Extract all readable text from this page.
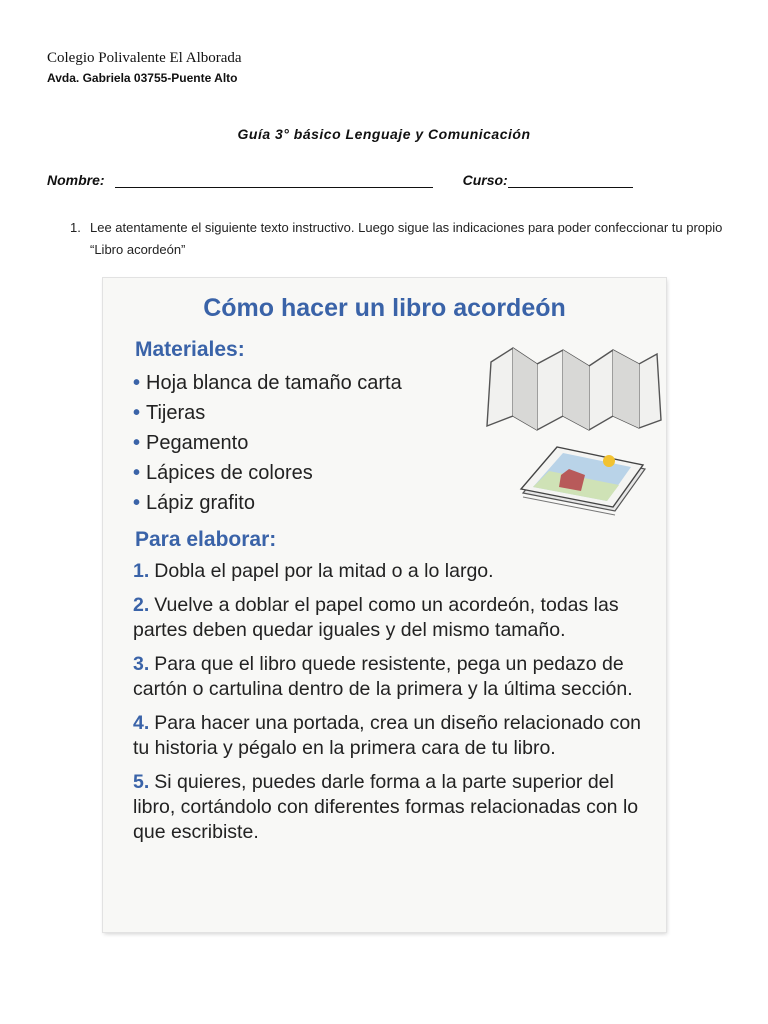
Colegio Polivalente El Alborada
Avda. Gabriela 03755-Puente Alto
Guía 3° básico Lenguaje y Comunicación
Nombre :	Curso:
1. Lee atentamente el siguiente texto instructivo. Luego sigue las indicaciones para poder confeccionar tu propio “Libro acordeón”
Cómo hacer un libro acordeón
Materiales:
• Hoja blanca de tamaño carta
• Tijeras
• Pegamento
• Lápices de colores
• Lápiz grafito
Para elaborar:
1. Dobla el papel por la mitad o a lo largo.
2. Vuelve a doblar el papel como un acordeón, todas las partes deben quedar iguales y del mismo tamaño.
3. Para que el libro quede resistente, pega un pedazo de cartón o cartulina dentro de la primera y la última sección.
4. Para hacer una portada, crea un diseño relacionado con tu historia y pégalo en la primera cara de tu libro.
5. Si quieres, puedes darle forma a la parte superior del libro, cortándolo con diferentes formas relacionadas con lo que escribiste.
